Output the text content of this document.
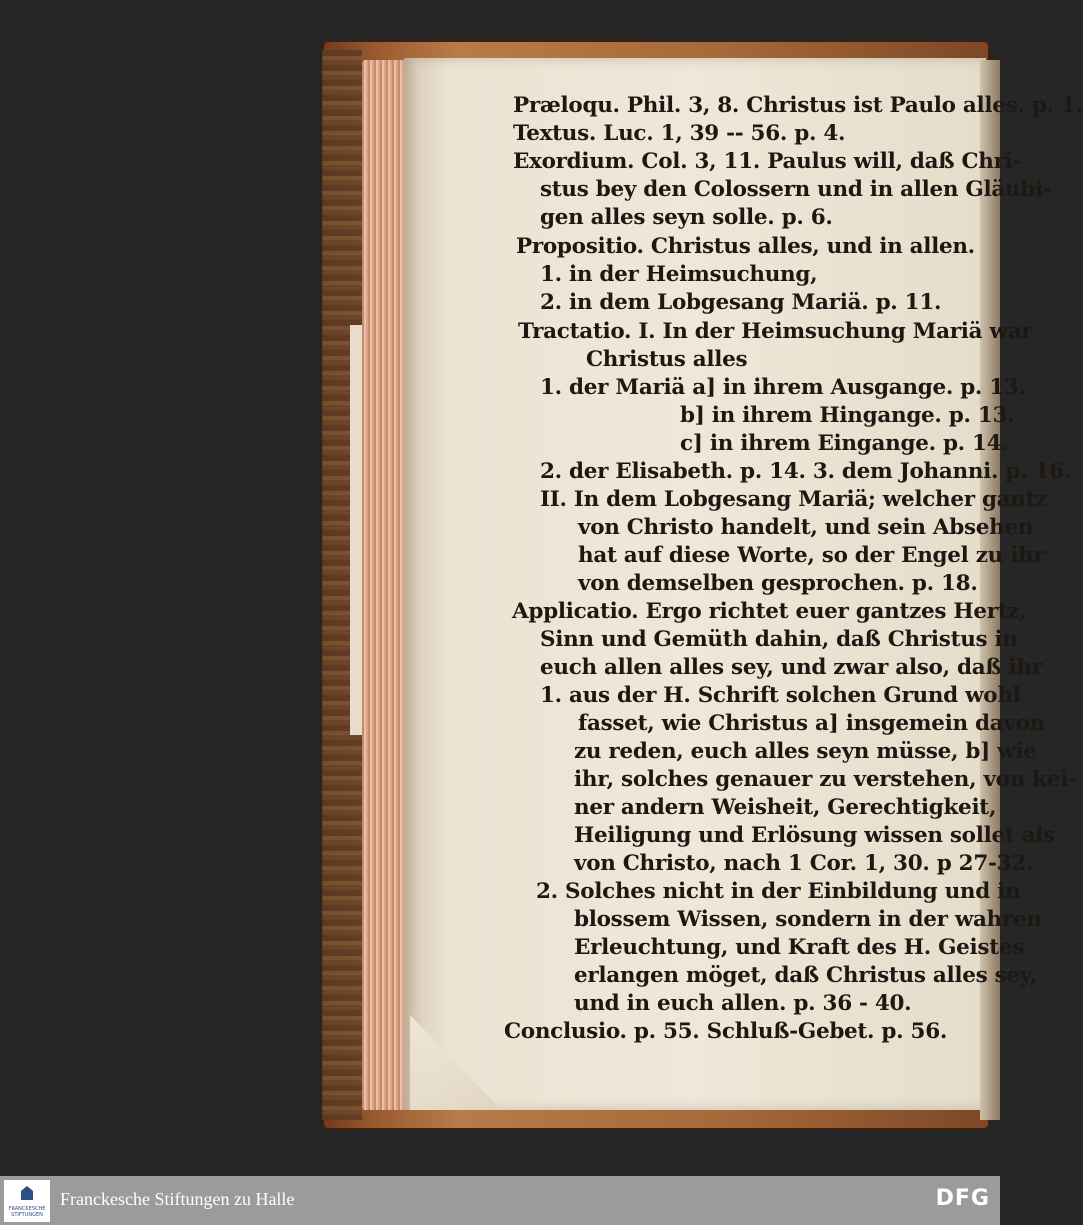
Præloqu. Phil. 3, 8. Christus ist Paulo alles. p. 1.
Textus. Luc. 1, 39 -- 56. p. 4.
Exordium. Col. 3, 11. Paulus will, daß Chri-
stus bey den Colossern und in allen Gläubi-
gen alles seyn solle. p. 6.
Propositio. Christus alles, und in allen.
1. in der Heimsuchung,
2. in dem Lobgesang Mariä. p. 11.
Tractatio. I. In der Heimsuchung Mariä war
Christus alles
1. der Mariä a] in ihrem Ausgange. p. 13.
b] in ihrem Hingange. p. 13.
c] in ihrem Eingange. p. 14.
2. der Elisabeth. p. 14. 3. dem Johanni. p. 16.
II. In dem Lobgesang Mariä; welcher gantz
von Christo handelt, und sein Absehen
hat auf diese Worte, so der Engel zu ihr
von demselben gesprochen. p. 18.
Applicatio. Ergo richtet euer gantzes Hertz,
Sinn und Gemüth dahin, daß Christus in
euch allen alles sey, und zwar also, daß ihr
1. aus der H. Schrift solchen Grund wohl
fasset, wie Christus a] insgemein davon
zu reden, euch alles seyn müsse, b] wie
ihr, solches genauer zu verstehen, von kei-
ner andern Weisheit, Gerechtigkeit,
Heiligung und Erlösung wissen sollet als
von Christo, nach 1 Cor. 1, 30. p 27-32.
2. Solches nicht in der Einbildung und in
blossem Wissen, sondern in der wahren
Erleuchtung, und Kraft des H. Geistes
erlangen möget, daß Christus alles sey,
und in euch allen. p. 36 - 40.
Conclusio. p. 55. Schluß-Gebet. p. 56.
FRANCKESCHE STIFTUNGEN
Franckesche Stiftungen zu Halle	DFG
